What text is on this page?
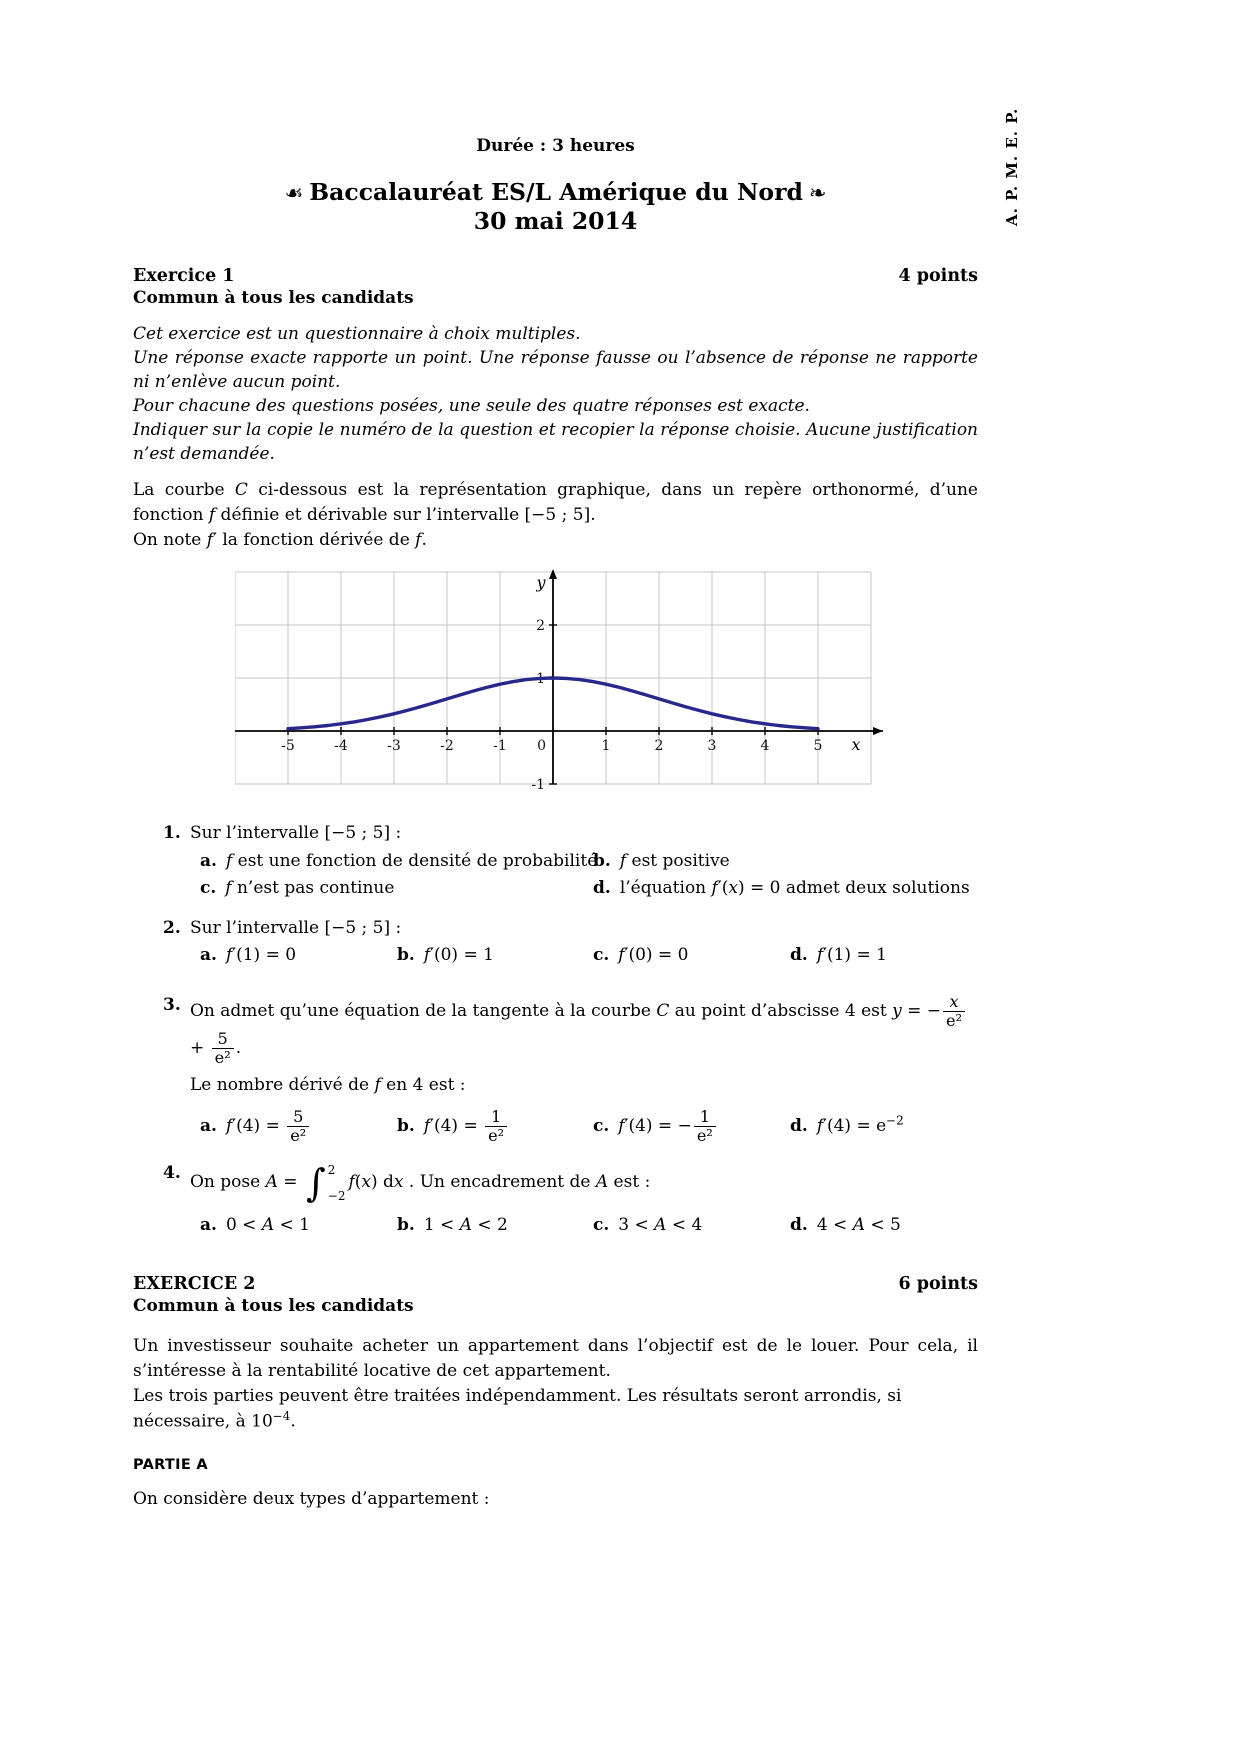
A. P. M. E. P.
Durée : 3 heures
☙ Baccalauréat ES/L Amérique du Nord ❧
30 mai 2014
Exercice 1	4 points
Commun à tous les candidats

Cet exercice est un questionnaire à choix multiples.

Une réponse exacte rapporte un point. Une réponse fausse ou l’absence de réponse ne rapporte ni n’enlève aucun point.

Pour chacune des questions posées, une seule des quatre réponses est exacte.

Indiquer sur la copie le numéro de la question et recopier la réponse choisie. Aucune justification n’est demandée.

La courbe C ci-dessous est la représentation graphique, dans un repère orthonormé, d’une fonction f définie et dérivable sur l’intervalle [−5 ; 5].

On note f′ la fonction dérivée de f.

-5	-4	-3	-2	-1	1	2	3	4	5
0
2
1
-1
y
x
1. Sur l’intervalle [−5 ; 5] :
a. f est une fonction de densité de probabilité
b. f est positive
c. f n’est pas continue	d. l’équation f′(x) = 0 admet deux solutions
2. Sur l’intervalle [−5 ; 5] :
a. f′(1) = 0	b. f′(0) = 1	c. f′(0) = 0	d. f′(1) = 1
3. On admet qu’une équation de la tangente à la courbe C au point d’abscisse 4 est y = − $\frac{x}{\text{e²}}$
+ $\frac{5}{\text{e²}}$ .

Le nombre dérivé de f en 4 est :

a. $f'(4) = \frac{5}{\text{e²}}$	b. $f'(4) = \frac{1}{\text{e²}}$	c. f′(4) = − $\frac{1}{\text{e²}}$	d. $f'(4) = e^{-2}$
4. On pose A = ∫ 2
−2
f(x) dx . Un encadrement de A est :
a. 0 < A < 1	b. 1 < A < 2	c. 3 < A < 4	d. 4 < A < 5
EXERCICE 2	6 points
Commun à tous les candidats

Un investisseur souhaite acheter un appartement dans l’objectif est de le louer. Pour cela, il s’intéresse à la rentabilité locative de cet appartement.

Les trois parties peuvent être traitées indépendamment. Les résultats seront arrondis, si nécessaire, à $10^{-4}$.

PARTIE A

On considère deux types d’appartement :
